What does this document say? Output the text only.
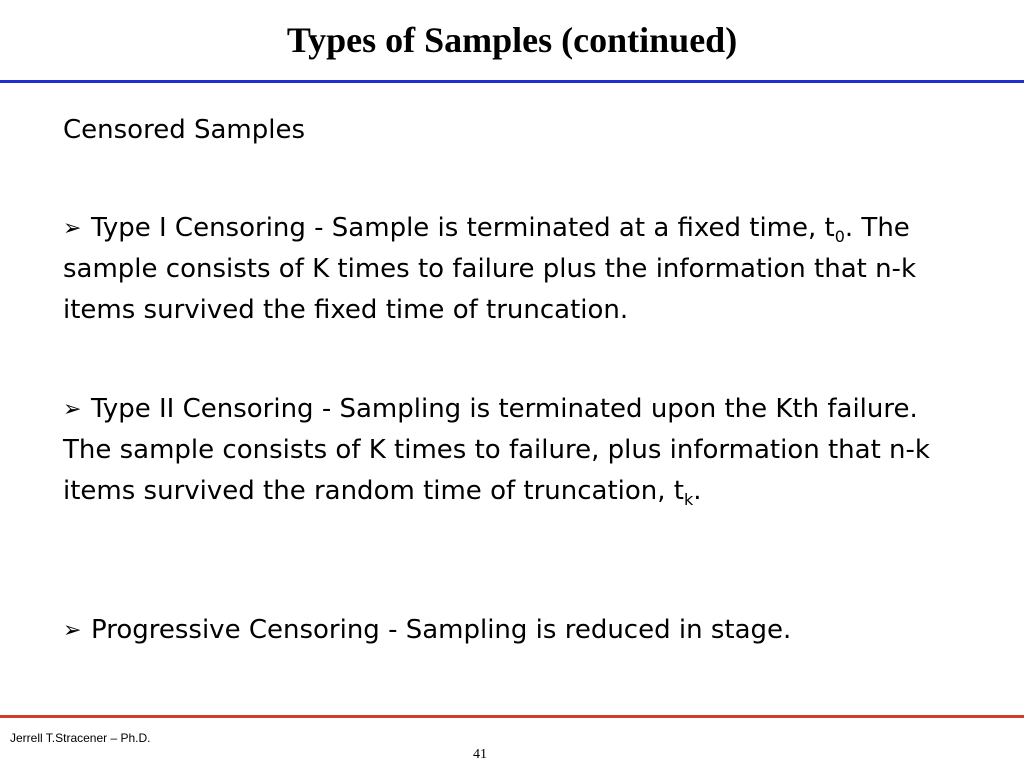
Types of Samples (continued)

Censored Samples

➢ Type I Censoring - Sample is terminated at a fixed time, $t_0$. The sample consists of K times to failure plus the information that n-k items survived the fixed time of truncation.

➢ Type II Censoring - Sampling is terminated upon the Kth failure. The sample consists of K times to failure, plus information that n-k items survived the random time of truncation, $t_k$.

➢ Progressive Censoring - Sampling is reduced in stage.

Jerrell T.Stracener – Ph.D.
41
